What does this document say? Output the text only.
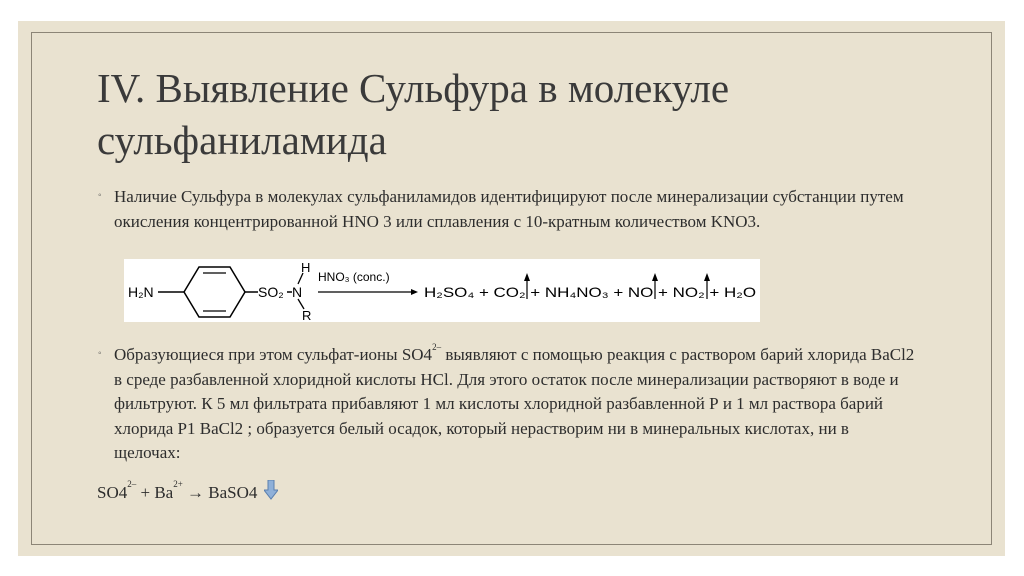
IV. Выявление Сульфура в молекуле сульфаниламида
◦ Наличие Сульфура в молекулах сульфаниламидов идентифицируют после минерализации субстанции путем окисления концентрированной HNO 3 или сплавления с 10-кратным количеством KNO3.
H₂N	SO₂ N
H
R
HNO₃ (conc.)
H₂SO₄ + CO₂ + NH₄NO₃ + NO + NO₂ + H₂O
◦ Образующиеся при этом сульфат-ионы $SO4^{2-}$ выявляют с помощью реакция с раствором барий хлорида BaCl2 в среде разбавленной хлоридной кислоты HCl. Для этого остаток после минерализации растворяют в воде и фильтруют. К 5 мл фильтрата прибавляют 1 мл кислоты хлоридной разбавленной Р и 1 мл раствора барий хлорида Р1 BaCl2 ; образуется белый осадок, который нерастворим ни в минеральных кислотах, ни в щелочах:
$SO4^{2-} + Ba^{2+}$ → BaSO4
